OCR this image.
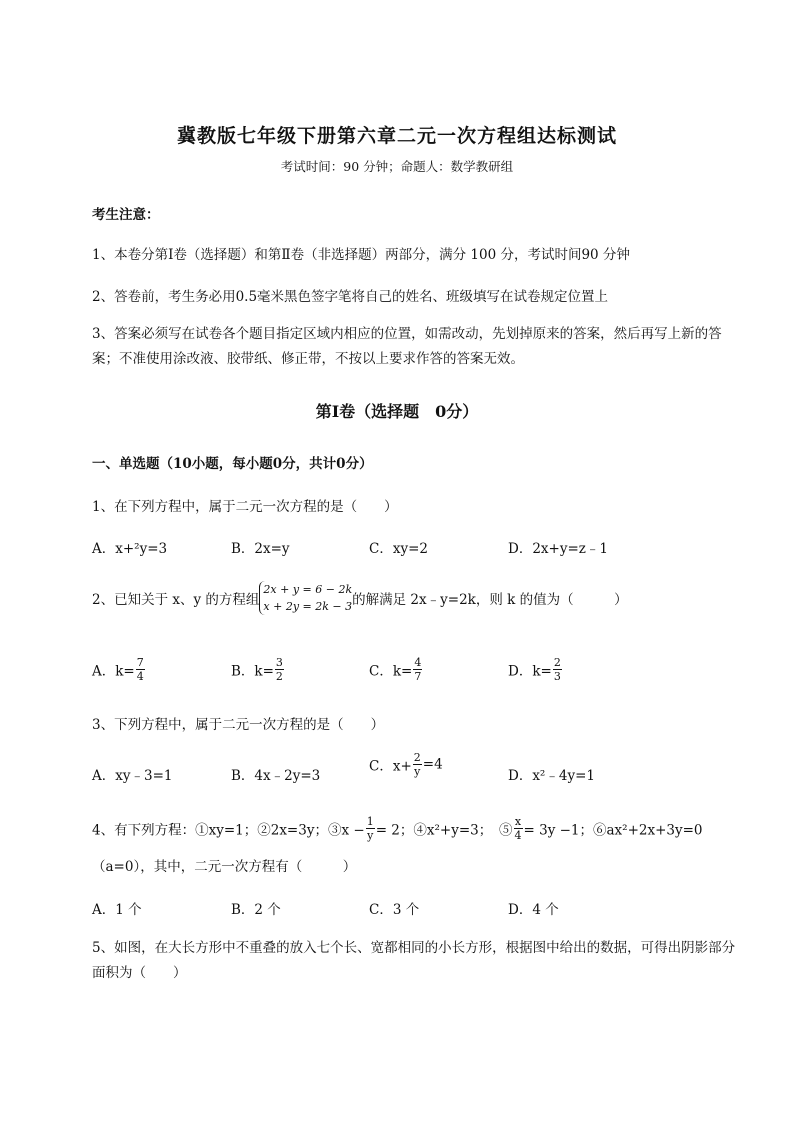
冀教版七年级下册第六章二元一次方程组达标测试
考试时间：90 分钟；命题人：数学教研组
考生注意：
1、本卷分第Ⅰ卷（选择题）和第Ⅱ卷（非选择题）两部分，满分 100 分，考试时间90 分钟
2、答卷前，考生务必用0.5毫米黑色签字笔将自己的姓名、班级填写在试卷规定位置上
3、答案必须写在试卷各个题目指定区域内相应的位置，如需改动，先划掉原来的答案，然后再写上新的答案；不准使用涂改液、胶带纸、修正带，不按以上要求作答的答案无效。
第Ⅰ卷（选择题　0分）
一、单选题（10小题，每小题0分，共计0分）
1、在下列方程中，属于二元一次方程的是（　　）
A．x+²y=3	B．2x=y	C．xy=2	D．2x+y=z﹣1
2、已知关于 x、y 的方程组
2x + y = 6 − 2k
x + 2y = 2k − 3 的解满足 2x﹣y=2k，则 k 的值为（　　　）
A．$k= \frac{7}{4}$	B．$k= \frac{3}{2}$	C．$k= \frac{4}{7}$	D．$k= \frac{2}{3}$
3、下列方程中，属于二元一次方程的是（　　）
A．xy﹣3=1	B．4x﹣2y=3
C．$x+ \frac{2}{y} =4$
D．x²﹣4y=1
4、有下列方程：①xy=1；②2x=3y；③x − $\frac{1}{y} = 2$；④x²+y=3；　⑤ $\frac{x}{4} = 3y -1$；⑥ax²+2x+3y=0
（a=0），其中，二元一次方程有（　　　）
A．1 个	B．2 个	C．3 个	D．4 个
5、如图，在大长方形中不重叠的放入七个长、宽都相同的小长方形，根据图中给出的数据，可得出阴影部分面积为（　　）
